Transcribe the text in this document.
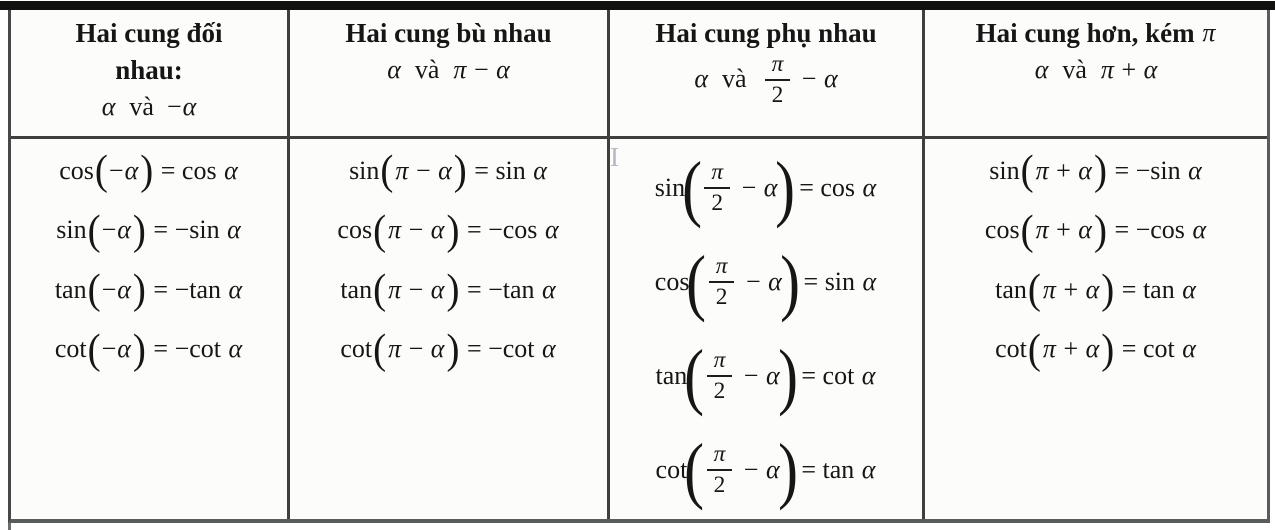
Hai cung đối
nhau:
α và − α
cos ( − α ) = cos α
sin ( − α ) = − sin α
tan ( − α ) = − tan α
cot ( − α ) = − cot α
Hai cung bù nhau
α và π − α
sin ( π − α ) = sin α
cos ( π − α ) = − cos α
tan ( π − α ) = − tan α
cot ( π − α ) = − cot α
Hai cung phụ nhau
α và $\frac{\pi}{2} - \alpha$
sin
( $\frac{\pi}{2} - \alpha$
)
= cos α
cos
( $\frac{\pi}{2} - \alpha$
)
= sin α
tan
( $\frac{\pi}{2} - \alpha$
)
= cot α
cot
( $\frac{\pi}{2} - \alpha$
)
= tan α
Hai cung hơn, kém π
α và π + α
sin ( π + α ) = − sin α
cos ( π + α ) = − cos α
tan ( π + α ) = tan α
cot ( π + α ) = cot α
I
